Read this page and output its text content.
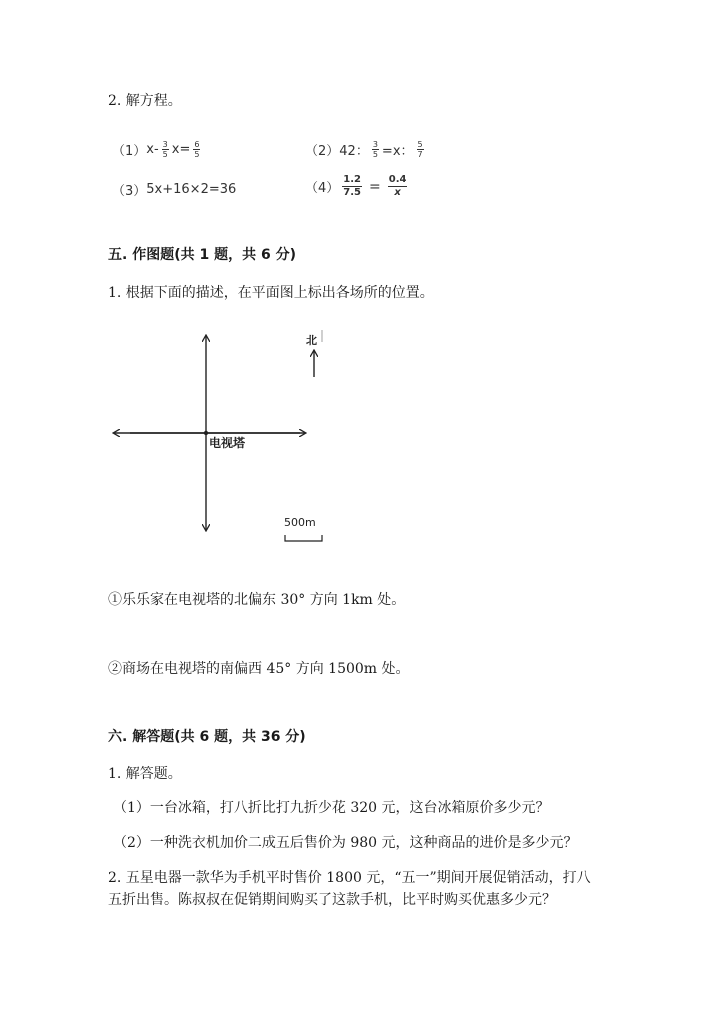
2. 解方程。
（1） $x- \frac{3}{5} x= \frac{6}{5}$	（2） 42： $\frac{3}{5} =x$： $\frac{5}{7}$
（3） 5x+16×2=36	$(4) \frac{1.2}{7.5} = \frac{0.4}{x}$
五. 作图题(共 1 题，共 6 分)
1. 根据下面的描述，在平面图上标出各场所的位置。
电视塔
北
500m
①乐乐家在电视塔的北偏东 30° 方向 1km 处。
②商场在电视塔的南偏西 45° 方向 1500m 处。
六. 解答题(共 6 题，共 36 分)
1. 解答题。
（1）一台冰箱，打八折比打九折少花 320 元，这台冰箱原价多少元？
（2）一种洗衣机加价二成五后售价为 980 元，这种商品的进价是多少元？
2. 五星电器一款华为手机平时售价 1800 元，“五一”期间开展促销活动，打八
五折出售。陈叔叔在促销期间购买了这款手机，比平时购买优惠多少元？
